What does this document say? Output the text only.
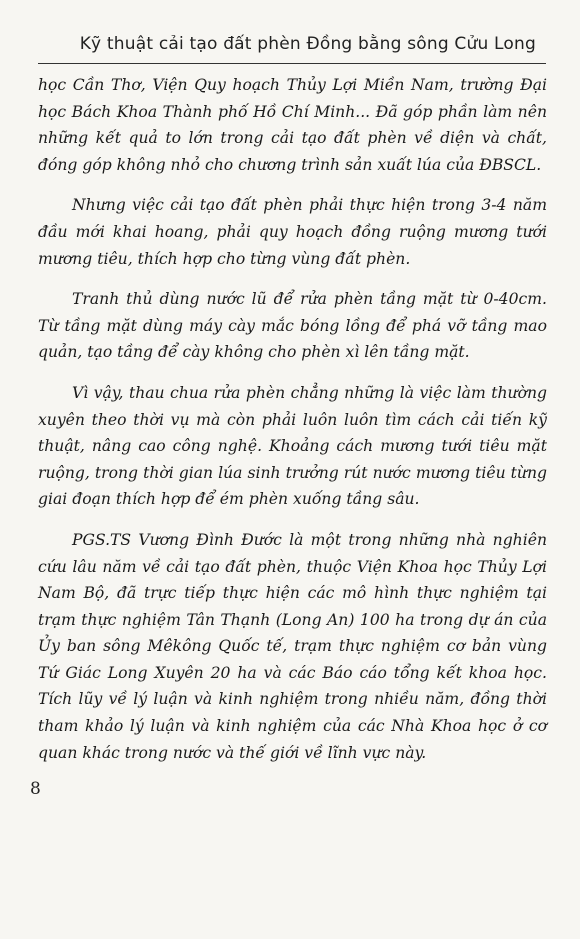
Kỹ thuật cải tạo đất phèn Đồng bằng sông Cửu Long

học Cần Thơ, Viện Quy hoạch Thủy Lợi Miền Nam, trường Đại học Bách Khoa Thành phố Hồ Chí Minh... Đã góp phần làm nên những kết quả to lớn trong cải tạo đất phèn về diện và chất, đóng góp không nhỏ cho chương trình sản xuất lúa của ĐBSCL.

Nhưng việc cải tạo đất phèn phải thực hiện trong 3-4 năm đầu mới khai hoang, phải quy hoạch đồng ruộng mương tưới mương tiêu, thích hợp cho từng vùng đất phèn.

Tranh thủ dùng nước lũ để rửa phèn tầng mặt từ 0-40cm. Từ tầng mặt dùng máy cày mắc bóng lồng để phá vỡ tầng mao quản, tạo tầng để cày không cho phèn xì lên tầng mặt.

Vì vậy, thau chua rửa phèn chẳng những là việc làm thường xuyên theo thời vụ mà còn phải luôn luôn tìm cách cải tiến kỹ thuật, nâng cao công nghệ. Khoảng cách mương tưới tiêu mặt ruộng, trong thời gian lúa sinh trưởng rút nước mương tiêu từng giai đoạn thích hợp để ém phèn xuống tầng sâu.

PGS.TS Vương Đình Đước là một trong những nhà nghiên cứu lâu năm về cải tạo đất phèn, thuộc Viện Khoa học Thủy Lợi Nam Bộ, đã trực tiếp thực hiện các mô hình thực nghiệm tại trạm thực nghiệm Tân Thạnh (Long An) 100 ha trong dự án của Ủy ban sông Mêkông Quốc tế, trạm thực nghiệm cơ bản vùng Tứ Giác Long Xuyên 20 ha và các Báo cáo tổng kết khoa học. Tích lũy về lý luận và kinh nghiệm trong nhiều năm, đồng thời tham khảo lý luận và kinh nghiệm của các Nhà Khoa học ở cơ quan khác trong nước và thế giới về lĩnh vực này.

8
